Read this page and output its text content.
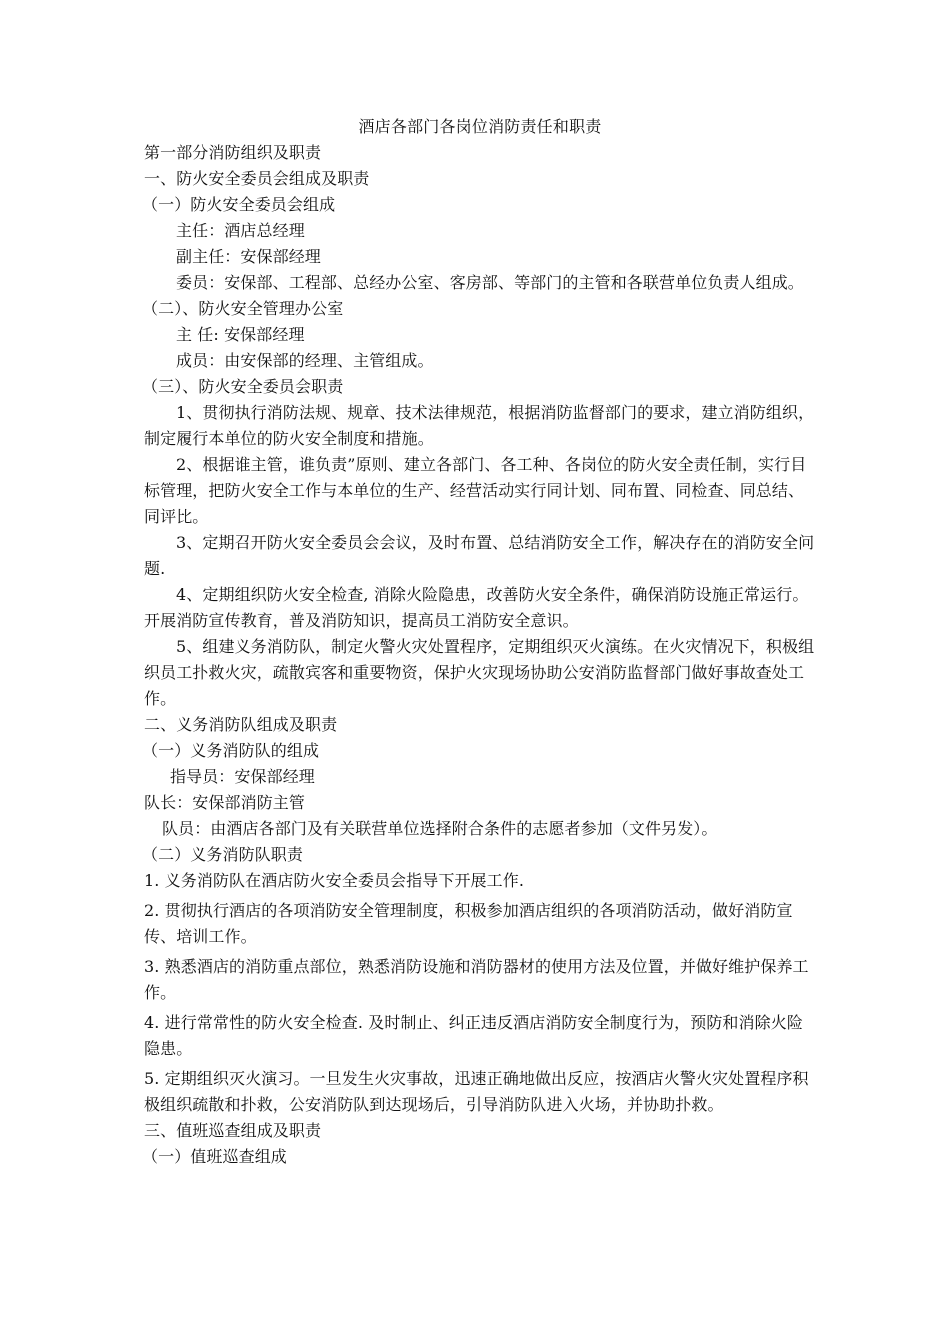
酒店各部门各岗位消防责任和职责
第一部分消防组织及职责
一、防火安全委员会组成及职责
（一）防火安全委员会组成
主任：酒店总经理
副主任：安保部经理
委员：安保部、工程部、总经办公室、客房部、等部门的主管和各联营单位负责人组成。
（二）、防火安全管理办公室
主 任: 安保部经理
成员：由安保部的经理、主管组成。
（三）、防火安全委员会职责
1、贯彻执行消防法规、规章、技术法律规范，根据消防监督部门的要求，建立消防组织，制定履行本单位的防火安全制度和措施。
2、根据谁主管，谁负责”原则、建立各部门、各工种、各岗位的防火安全责任制，实行目标管理，把防火安全工作与本单位的生产、经营活动实行同计划、同布置、同检查、同总结、同评比。
3、定期召开防火安全委员会会议，及时布置、总结消防安全工作，解决存在的消防安全问题.
4、定期组织防火安全检查, 消除火险隐患，改善防火安全条件，确保消防设施正常运行。开展消防宣传教育，普及消防知识，提高员工消防安全意识。
5、组建义务消防队，制定火警火灾处置程序，定期组织灭火演练。在火灾情况下，积极组织员工扑救火灾，疏散宾客和重要物资，保护火灾现场协助公安消防监督部门做好事故查处工作。
二、义务消防队组成及职责
（一）义务消防队的组成
指导员：安保部经理
队长：安保部消防主管
队员：由酒店各部门及有关联营单位选择附合条件的志愿者参加（文件另发）。
（二）义务消防队职责
1. 义务消防队在酒店防火安全委员会指导下开展工作.
2. 贯彻执行酒店的各项消防安全管理制度，积极参加酒店组织的各项消防活动，做好消防宣传、培训工作。
3. 熟悉酒店的消防重点部位，熟悉消防设施和消防器材的使用方法及位置，并做好维护保养工作。
4. 进行常常性的防火安全检查. 及时制止、纠正违反酒店消防安全制度行为，预防和消除火险隐患。
5. 定期组织灭火演习。一旦发生火灾事故，迅速正确地做出反应，按酒店火警火灾处置程序积极组织疏散和扑救，公安消防队到达现场后，引导消防队进入火场，并协助扑救。
三、值班巡查组成及职责
（一）值班巡查组成
